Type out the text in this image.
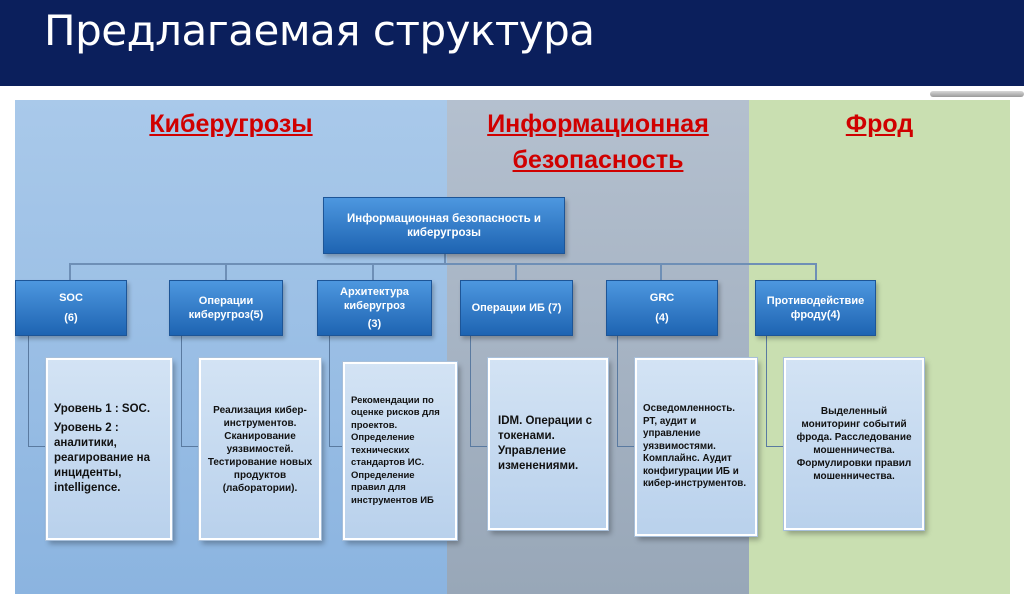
Предлагаемая структура
Киберугрозы	Информационная безопасность
Фрод
Информационная безопасность и киберугрозы
SOC
(6)
Операции киберугроз(5)
Архитектура киберугроз
(3)
Операции ИБ (7)
GRC
(4)
Противодействие фроду(4)
Уровень 1 : SOC.
Уровень 2 : аналитики, реагирование на инциденты, intelligence.
Реализация кибер-инструментов. Сканирование уязвимостей. Тестирование новых продуктов (лаборатории).
Рекомендации по оценке рисков для проектов. Определение технических стандартов ИС. Определение правил для инструментов ИБ
IDM. Операции с токенами. Управление изменениями.
Осведомленность. РТ, аудит и управление уязвимостями. Комплайнс. Аудит конфигурации ИБ и кибер-инструментов.
Выделенный мониторинг событий фрода. Расследование мошенничества. Формулировки правил мошенничества.
